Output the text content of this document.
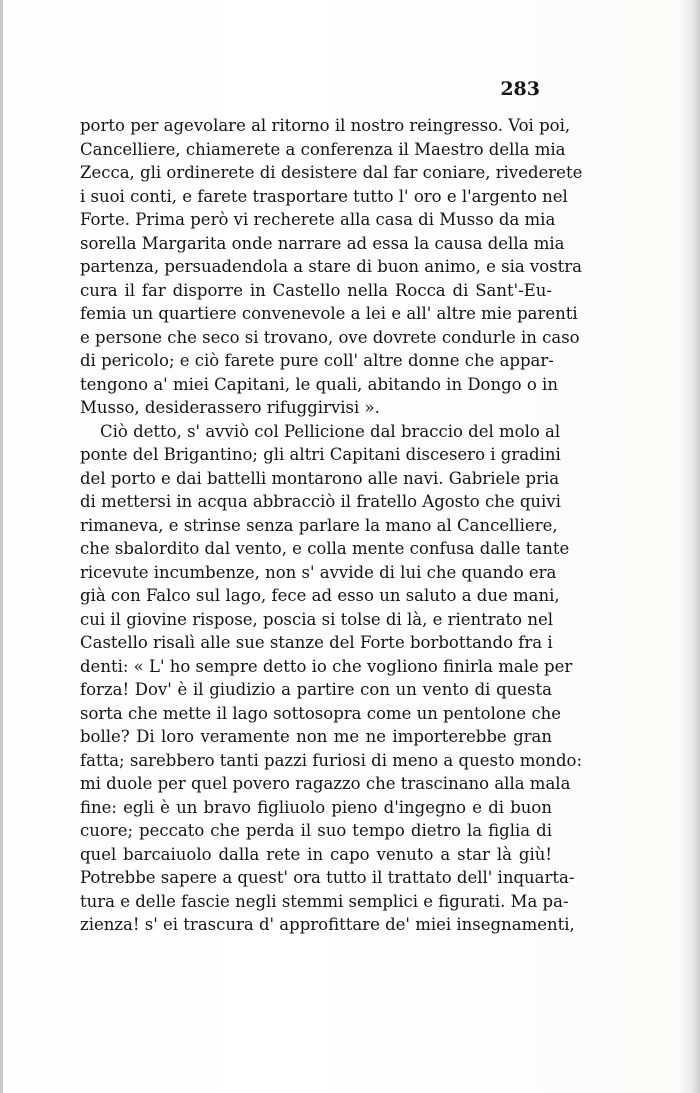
283
porto per agevolare al ritorno il nostro reingresso. Voi poi,
Cancelliere, chiamerete a conferenza il Maestro della mia
Zecca, gli ordinerete di desistere dal far coniare, rivederete
i suoi conti, e farete trasportare tutto l' oro e l'argento nel
Forte. Prima però vi recherete alla casa di Musso da mia
sorella Margarita onde narrare ad essa la causa della mia
partenza, persuadendola a stare di buon animo, e sia vostra
cura il far disporre in Castello nella Rocca di Sant'-Eu-
femia un quartiere convenevole a lei e all' altre mie parenti
e persone che seco si trovano, ove dovrete condurle in caso
di pericolo; e ciò farete pure coll' altre donne che appar-
tengono a' miei Capitani, le quali, abitando in Dongo o in
Musso, desiderassero rifuggirvisi ».
Ciò detto, s' avviò col Pellicione dal braccio del molo al
ponte del Brigantino; gli altri Capitani discesero i gradini
del porto e dai battelli montarono alle navi. Gabriele pria
di mettersi in acqua abbracciò il fratello Agosto che quivi
rimaneva, e strinse senza parlare la mano al Cancelliere,
che sbalordito dal vento, e colla mente confusa dalle tante
ricevute incumbenze, non s' avvide di lui che quando era
già con Falco sul lago, fece ad esso un saluto a due mani,
cui il giovine rispose, poscia si tolse di là, e rientrato nel
Castello risalì alle sue stanze del Forte borbottando fra i
denti: « L' ho sempre detto io che vogliono finirla male per
forza! Dov' è il giudizio a partire con un vento di questa
sorta che mette il lago sottosopra come un pentolone che
bolle? Di loro veramente non me ne importerebbe gran
fatta; sarebbero tanti pazzi furiosi di meno a questo mondo:
mi duole per quel povero ragazzo che trascinano alla mala
fine: egli è un bravo figliuolo pieno d'ingegno e di buon
cuore; peccato che perda il suo tempo dietro la figlia di
quel barcaiuolo dalla rete in capo venuto a star là giù!
Potrebbe sapere a quest' ora tutto il trattato dell' inquarta-
tura e delle fascie negli stemmi semplici e figurati. Ma pa-
zienza! s' ei trascura d' approfittare de' miei insegnamenti,
